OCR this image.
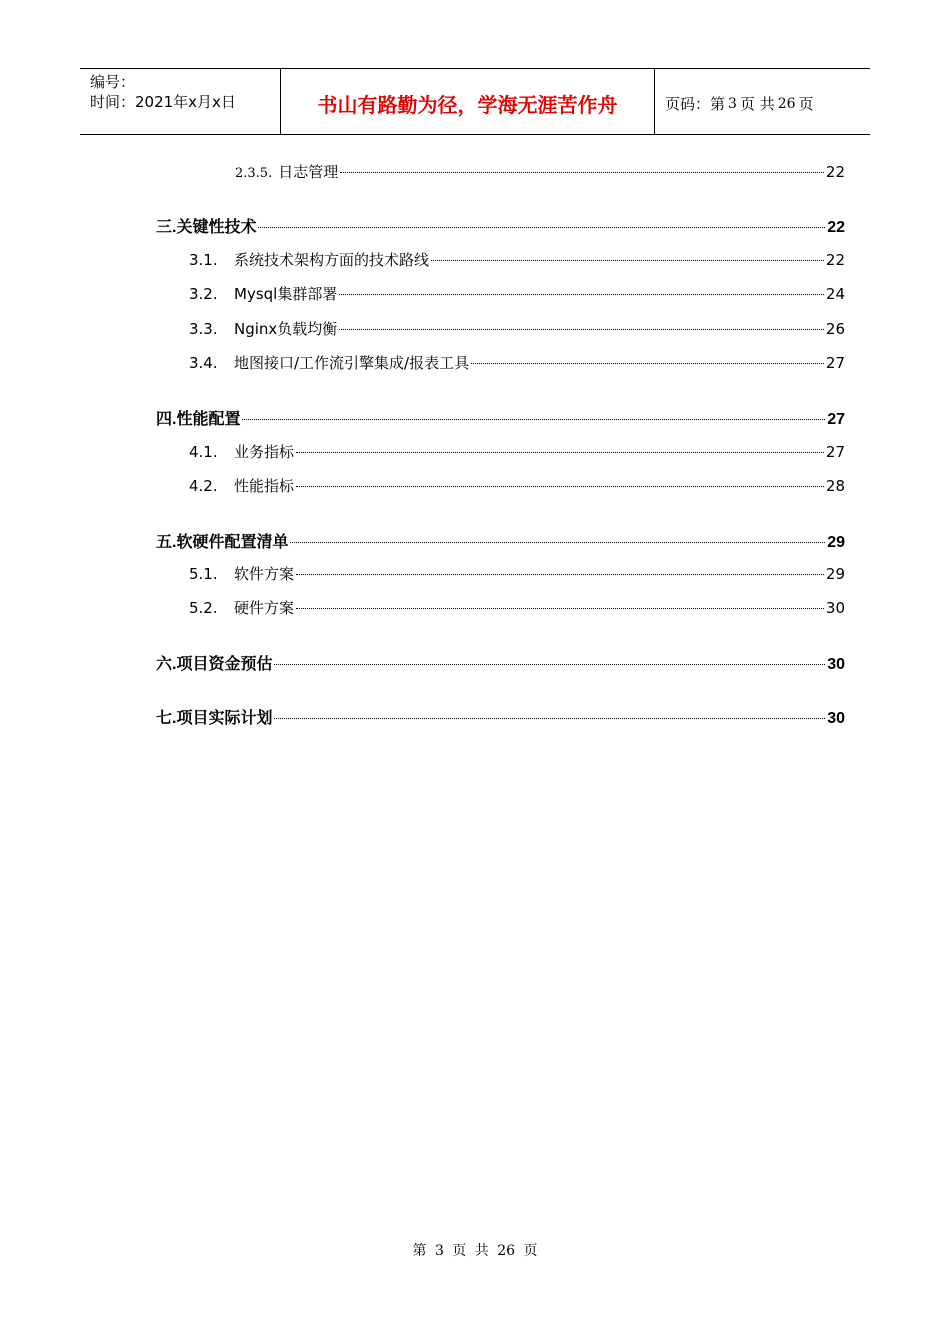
编号：
时间：2021年x月x日	书山有路勤为径，学海无涯苦作舟	页码：第 3 页 共 26 页
2.3.5. 日志管理	22
三.关键性技术	22
3.1.	系统技术架构方面的技术路线	22
3.2.	Mysql集群部署	24
3.3.	Nginx负载均衡	26
3.4.	地图接口/工作流引擎集成/报表工具	27
四.性能配置	27
4.1.	业务指标	27
4.2.	性能指标	28
五.软硬件配置清单	29
5.1.	软件方案	29
5.2.	硬件方案	30
六.项目资金预估	30
七.项目实际计划	30
第 3 页 共 26 页
